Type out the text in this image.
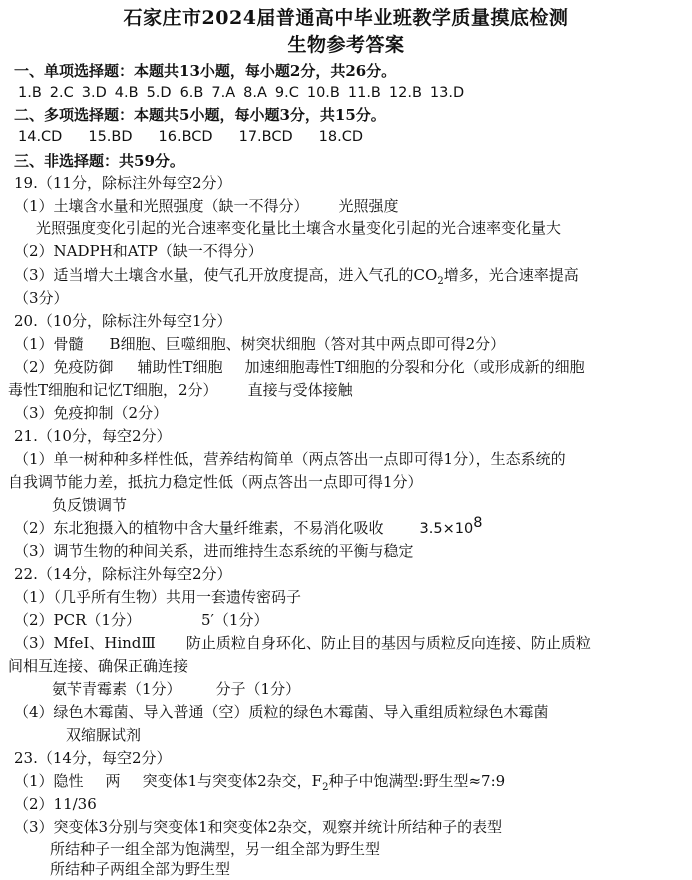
石家庄市2024届普通高中毕业班教学质量摸底检测
生物参考答案
一、单项选择题：本题共13小题，每小题2分，共26分。
1.B 2.C 3.D 4.B 5.D 6.B 7.A 8.A 9.C 10.B 11.B 12.B 13.D
二、多项选择题：本题共5小题，每小题3分，共15分。
14.CD 15.BD 16.BCD 17.BCD 18.CD
三、非选择题：共59分。
19.（11分，除标注外每空2分）
（1）土壤含水量和光照强度（缺一不得分） 光照强度
光照强度变化引起的光合速率变化量比土壤含水量变化引起的光合速率变化量大
（2）NADPH和ATP（缺一不得分）
（3）适当增大土壤含水量，使气孔开放度提高，进入气孔的$CO_2$增多，光合速率提高
（3分）
20.（10分，除标注外每空1分）
（1）骨髓 B细胞、巨噬细胞、树突状细胞（答对其中两点即可得2分）
（2）免疫防御 辅助性T细胞 加速细胞毒性T细胞的分裂和分化（或形成新的细胞
毒性T细胞和记忆T细胞，2分） 直接与受体接触
（3）免疫抑制（2分）
21.（10分，每空2分）
（1）单一树种种多样性低，营养结构简单（两点答出一点即可得1分），生态系统的
自我调节能力差，抵抗力稳定性低（两点答出一点即可得1分）
负反馈调节
（2）东北狍摄入的植物中含大量纤维素，不易消化吸收 $3.5\times 10^8$
（3）调节生物的种间关系，进而维持生态系统的平衡与稳定
22.（14分，除标注外每空2分）
（1）（几乎所有生物）共用一套遗传密码子
（2）PCR（1分）	5′（1分）
（3）MfeⅠ、HindⅢ 防止质粒自身环化、防止目的基因与质粒反向连接、防止质粒
间相互连接、确保正确连接
氨苄青霉素（1分） 分子（1分）
（4）绿色木霉菌、导入普通（空）质粒的绿色木霉菌、导入重组质粒绿色木霉菌
双缩脲试剂
23.（14分，每空2分）
（1）隐性 两 突变体1与突变体2杂交，$F_2$种子中饱满型:野生型≈7:9
（2）11/36
（3）突变体3分别与突变体1和突变体2杂交，观察并统计所结种子的表型
所结种子一组全部为饱满型，另一组全部为野生型
所结种子两组全部为野生型
